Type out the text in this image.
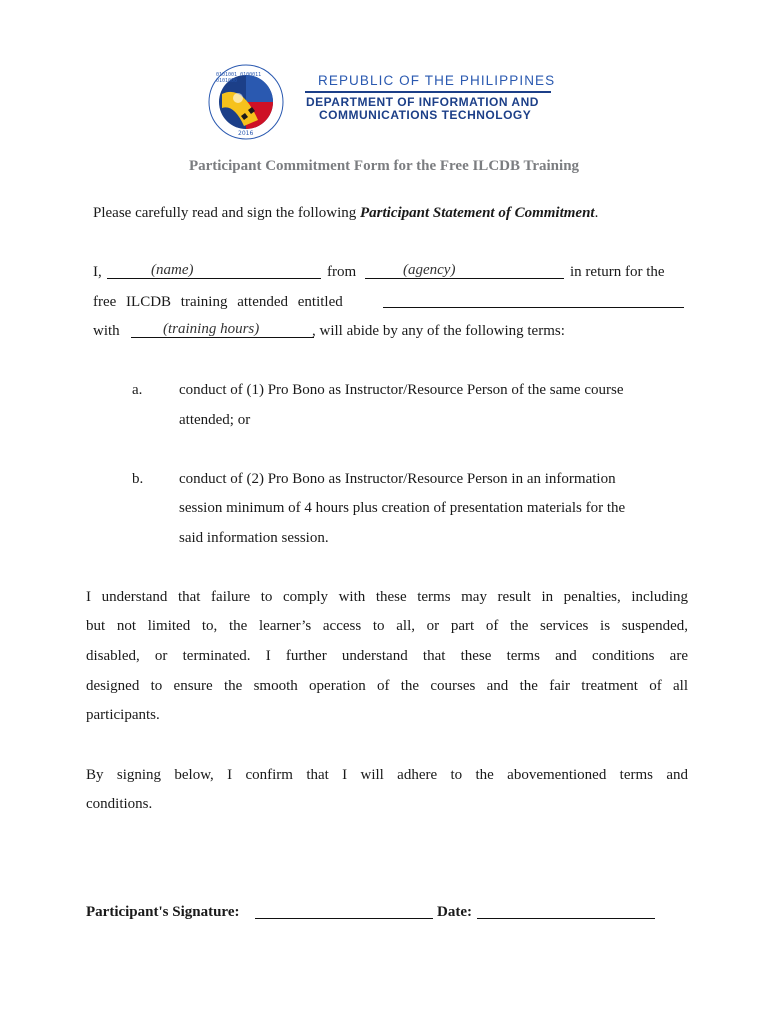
0101001 0100011 0101000
2016
REPUBLIC OF THE PHILIPPINES
DEPARTMENT OF INFORMATION AND
COMMUNICATIONS TECHNOLOGY
Participant Commitment Form for the Free ILCDB Training
Please carefully read and sign the following Participant Statement of Commitment.
I,	(name)	from	(agency)	in return for the
free ILCDB training attended entitled
with	(training hours)	, will abide by any of the following terms:
a. conduct of (1) Pro Bono as Instructor/Resource Person of the same course
attended; or
b. conduct of (2) Pro Bono as Instructor/Resource Person in an information
session minimum of 4 hours plus creation of presentation materials for the
said information session.
I understand that failure to comply with these terms may result in penalties, including
but not limited to, the learner’s access to all, or part of the services is suspended,
disabled, or terminated. I further understand that these terms and conditions are
designed to ensure the smooth operation of the courses and the fair treatment of all
participants.
By signing below, I confirm that I will adhere to the abovementioned terms and
conditions.
Participant's Signature:	Date:
